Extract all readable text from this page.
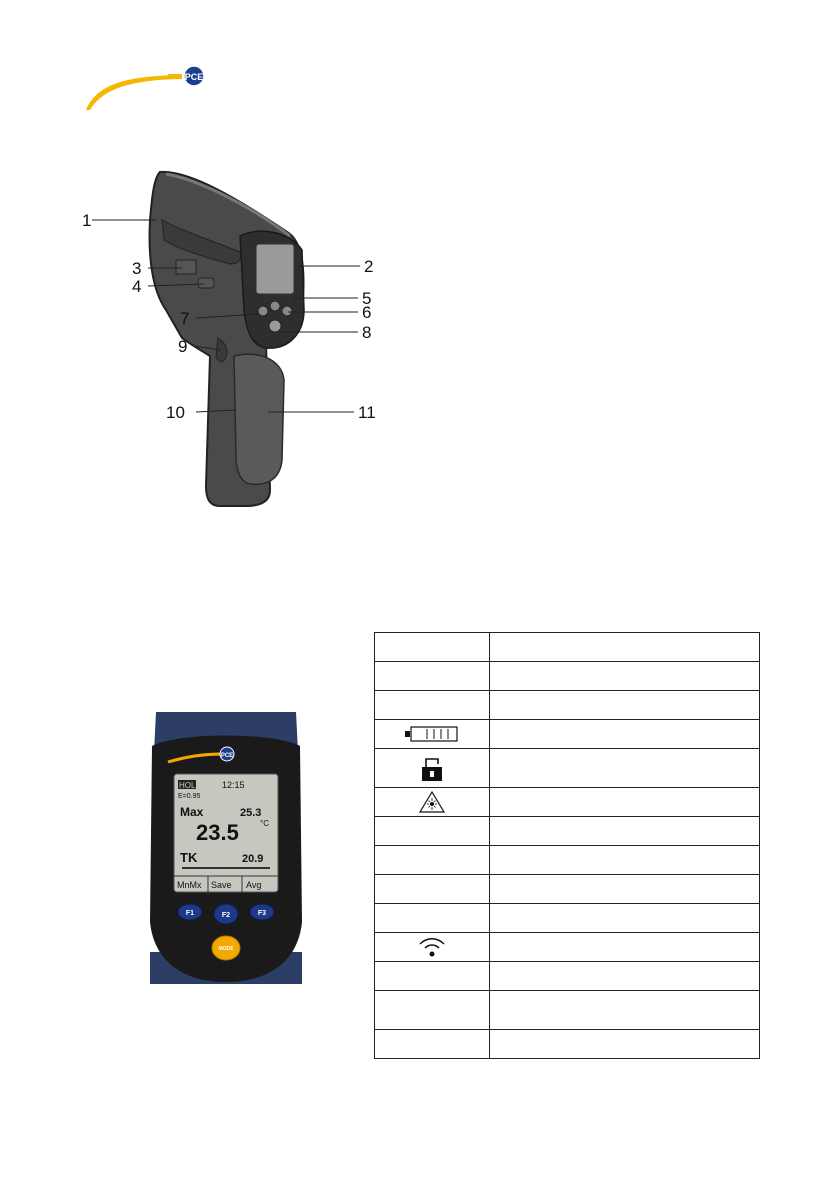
PCE
1
2
3
4
5
6
7
8
9
10	11
PCE
HOLD 12:15
E=0.95
Max	25.3
23.5	°C
TK	20.9
MnMx Save Avg
F1	F2	F3
MODE
